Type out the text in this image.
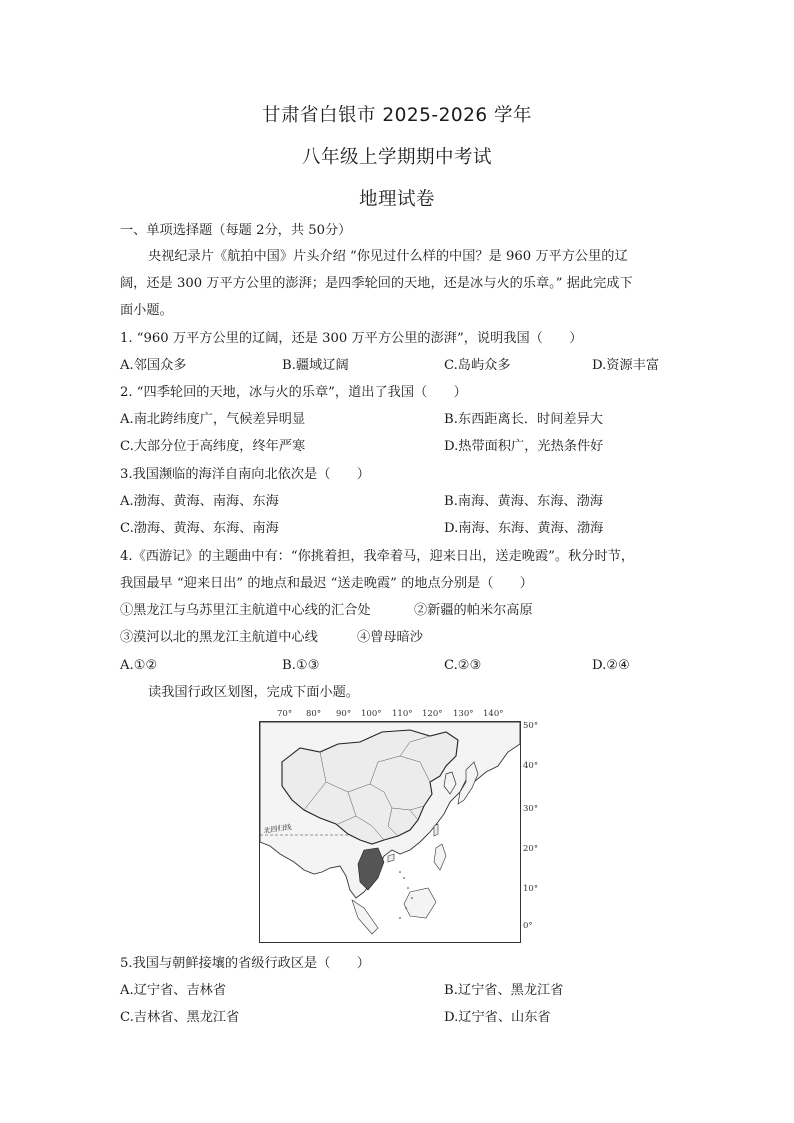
甘肃省白银市 2025-2026 学年
八年级上学期期中考试
地理试卷
一、单项选择题（每题 2分，共 50分）
央视纪录片《航拍中国》片头介绍 “你见过什么样的中国？是 960 万平方公里的辽
阔，还是 300 万平方公里的澎湃；是四季轮回的天地，还是冰与火的乐章。” 据此完成下
面小题。
1. “960 万平方公里的辽阔，还是 300 万平方公里的澎湃”，说明我国（　　）
A.邻国众多	B.疆域辽阔	C.岛屿众多	D.资源丰富
2. “四季轮回的天地，冰与火的乐章”，道出了我国（　　）
A.南北跨纬度广，气候差异明显	B.东西距离长．时间差异大
C.大部分位于高纬度，终年严寒	D.热带面积广，光热条件好
3.我国濒临的海洋自南向北依次是（　　）
A.渤海、黄海、南海、东海	B.南海、黄海、东海、渤海
C.渤海、黄海、东海、南海	D.南海、东海、黄海、渤海
4.《西游记》的主题曲中有：“你挑着担，我牵着马，迎来日出，送走晚霞”。秋分时节，
我国最早 “迎来日出” 的地点和最迟 “送走晚霞” 的地点分别是（　　）
①黑龙江与乌苏里江主航道中心线的汇合处	②新疆的帕米尔高原
③漠河以北的黑龙江主航道中心线	④曾母暗沙
A.①②	B.①③	C.②③	D.②④
读我国行政区划图，完成下面小题。
70° 80° 90° 100° 110° 120° 130° 140°
50°
40°
30°
20°
10°
0°
北回归线
5.我国与朝鲜接壤的省级行政区是（　　）
A.辽宁省、吉林省	B.辽宁省、黑龙江省
C.吉林省、黑龙江省	D.辽宁省、山东省
